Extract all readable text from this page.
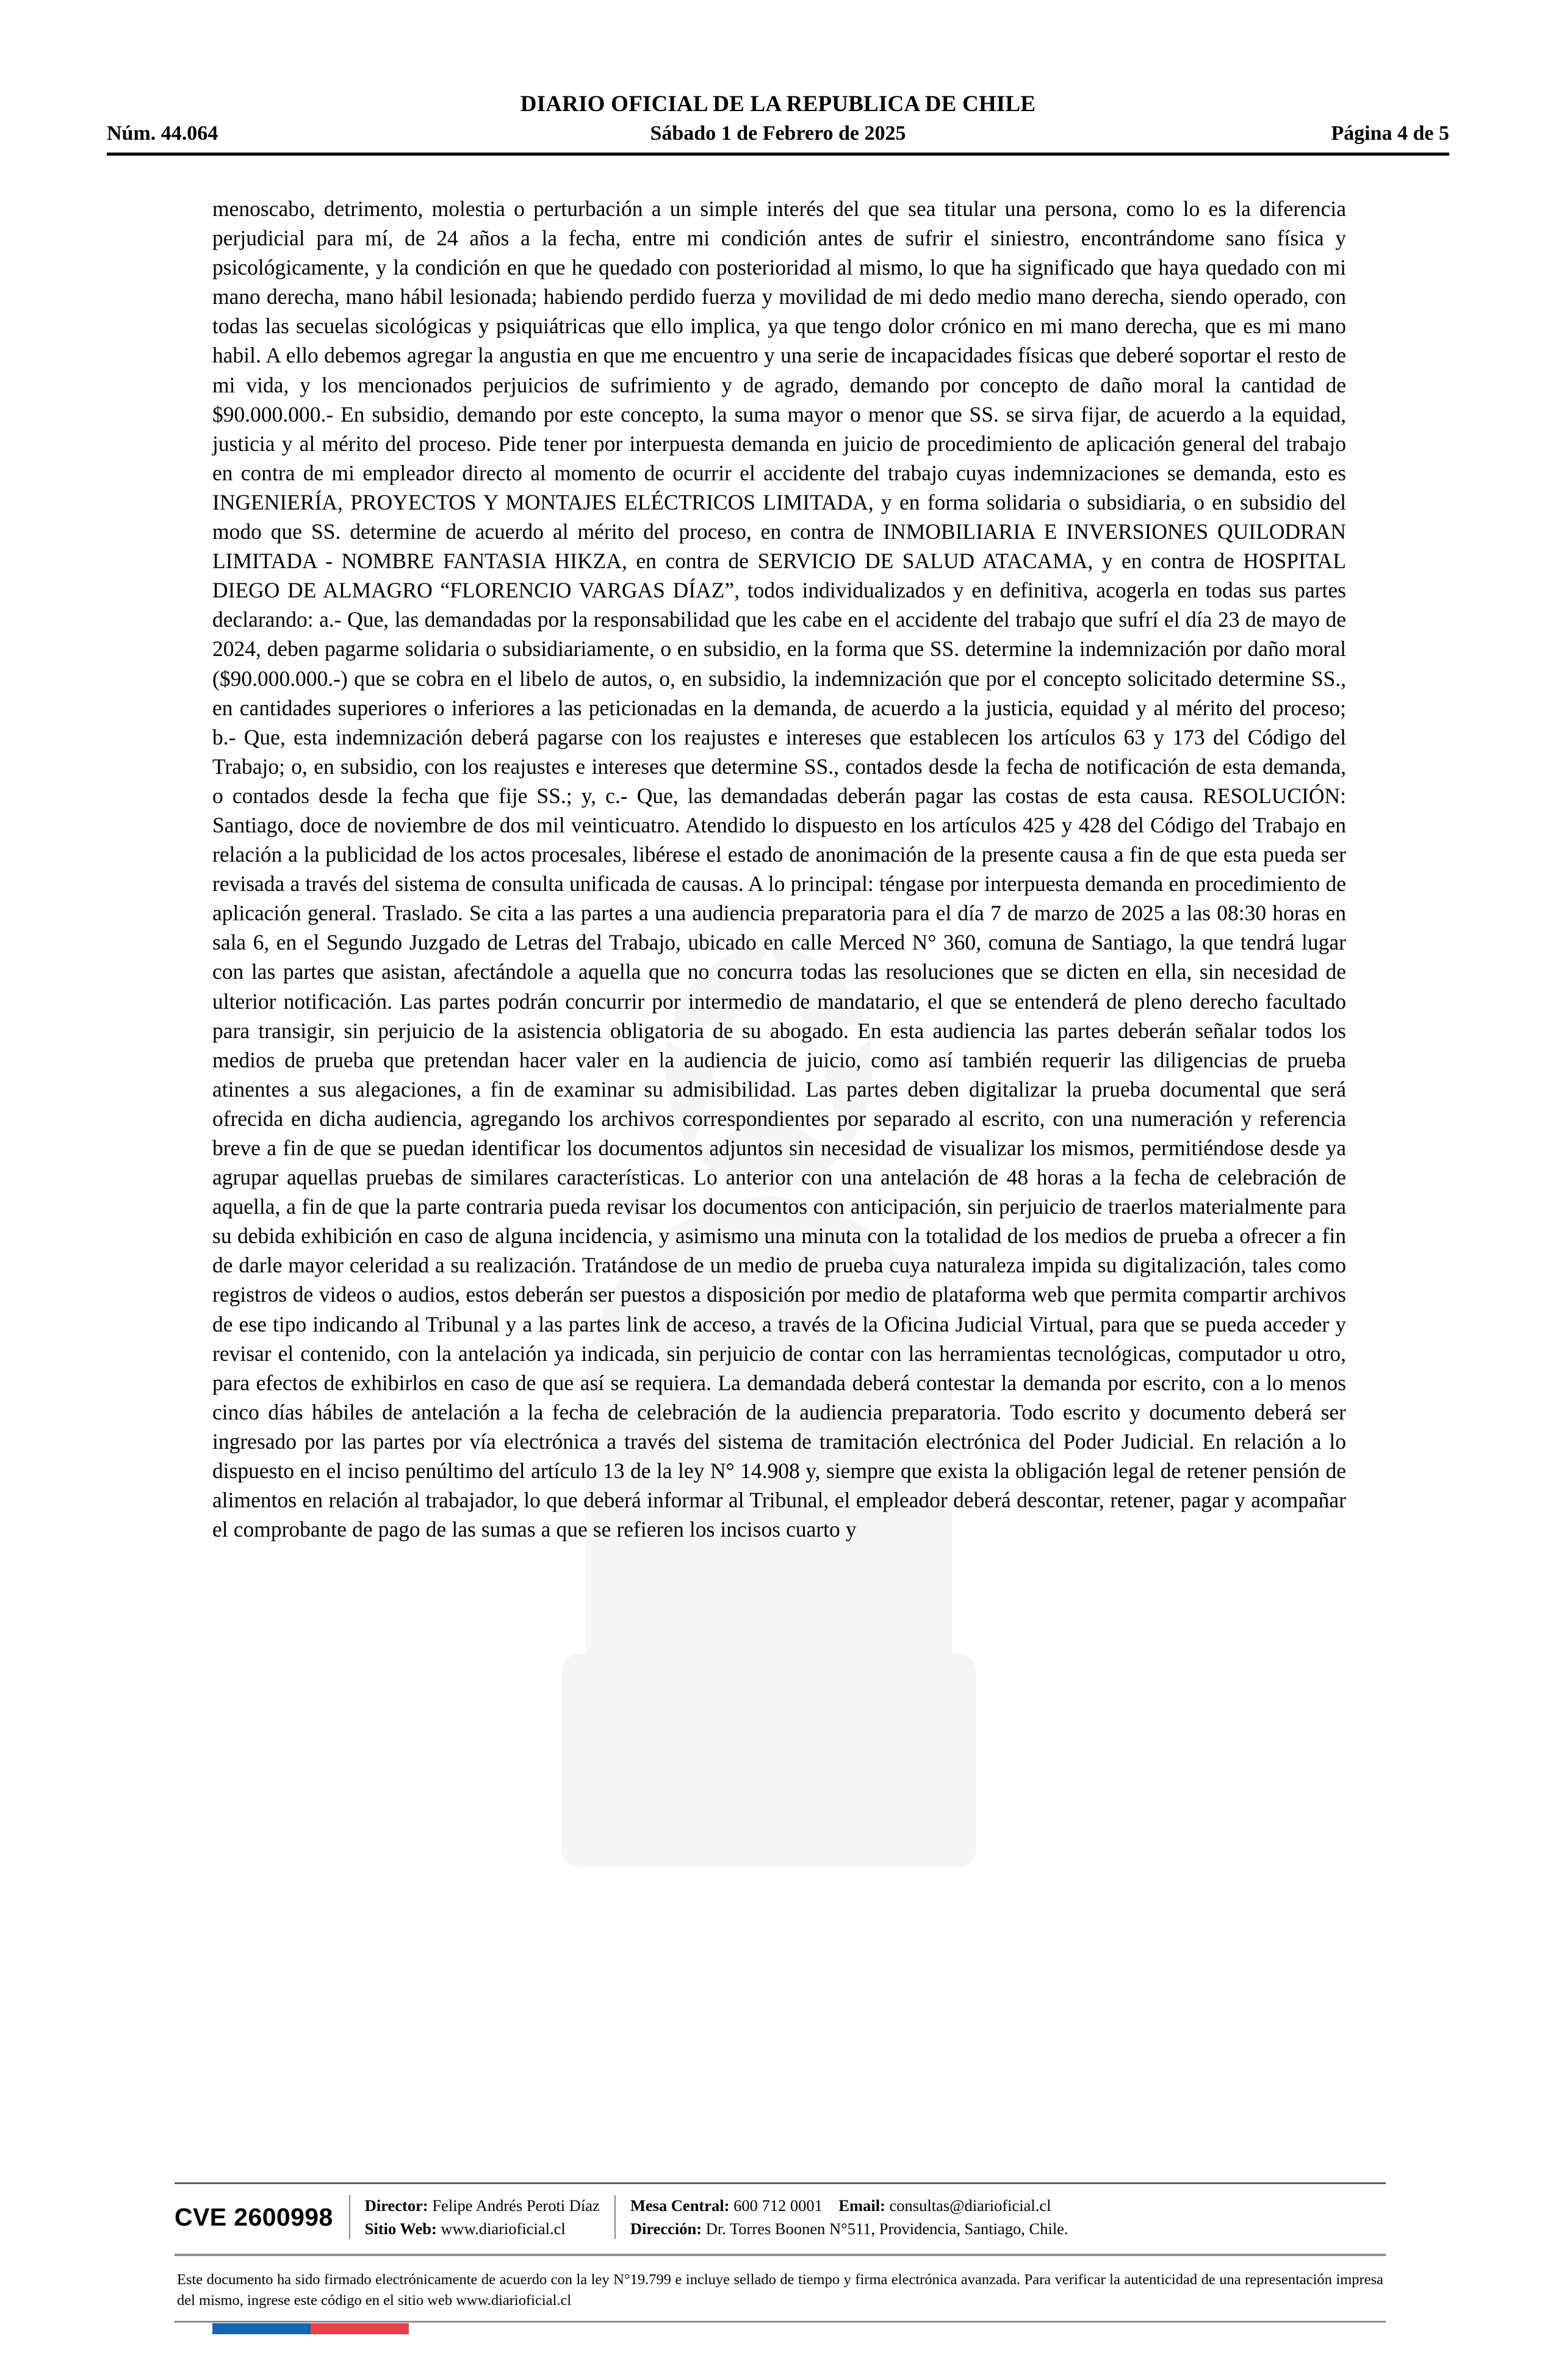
DIARIO OFICIAL DE LA REPUBLICA DE CHILE
Núm. 44.064	Sábado 1 de Febrero de 2025	Página 4 de 5

menoscabo, detrimento, molestia o perturbación a un simple interés del que sea titular una persona, como lo es la diferencia perjudicial para mí, de 24 años a la fecha, entre mi condición antes de sufrir el siniestro, encontrándome sano física y psicológicamente, y la condición en que he quedado con posterioridad al mismo, lo que ha significado que haya quedado con mi mano derecha, mano hábil lesionada; habiendo perdido fuerza y movilidad de mi dedo medio mano derecha, siendo operado, con todas las secuelas sicológicas y psiquiátricas que ello implica, ya que tengo dolor crónico en mi mano derecha, que es mi mano habil. A ello debemos agregar la angustia en que me encuentro y una serie de incapacidades físicas que deberé soportar el resto de mi vida, y los mencionados perjuicios de sufrimiento y de agrado, demando por concepto de daño moral la cantidad de $90.000.000.- En subsidio, demando por este concepto, la suma mayor o menor que SS. se sirva fijar, de acuerdo a la equidad, justicia y al mérito del proceso. Pide tener por interpuesta demanda en juicio de procedimiento de aplicación general del trabajo en contra de mi empleador directo al momento de ocurrir el accidente del trabajo cuyas indemnizaciones se demanda, esto es INGENIERÍA, PROYECTOS Y MONTAJES ELÉCTRICOS LIMITADA, y en forma solidaria o subsidiaria, o en subsidio del modo que SS. determine de acuerdo al mérito del proceso, en contra de INMOBILIARIA E INVERSIONES QUILODRAN LIMITADA - NOMBRE FANTASIA HIKZA, en contra de SERVICIO DE SALUD ATACAMA, y en contra de HOSPITAL DIEGO DE ALMAGRO “FLORENCIO VARGAS DÍAZ”, todos individualizados y en definitiva, acogerla en todas sus partes declarando: a.- Que, las demandadas por la responsabilidad que les cabe en el accidente del trabajo que sufrí el día 23 de mayo de 2024, deben pagarme solidaria o subsidiariamente, o en subsidio, en la forma que SS. determine la indemnización por daño moral ($90.000.000.-) que se cobra en el libelo de autos, o, en subsidio, la indemnización que por el concepto solicitado determine SS., en cantidades superiores o inferiores a las peticionadas en la demanda, de acuerdo a la justicia, equidad y al mérito del proceso; b.- Que, esta indemnización deberá pagarse con los reajustes e intereses que establecen los artículos 63 y 173 del Código del Trabajo; o, en subsidio, con los reajustes e intereses que determine SS., contados desde la fecha de notificación de esta demanda, o contados desde la fecha que fije SS.; y, c.- Que, las demandadas deberán pagar las costas de esta causa. RESOLUCIÓN: Santiago, doce de noviembre de dos mil veinticuatro. Atendido lo dispuesto en los artículos 425 y 428 del Código del Trabajo en relación a la publicidad de los actos procesales, libérese el estado de anonimación de la presente causa a fin de que esta pueda ser revisada a través del sistema de consulta unificada de causas. A lo principal: téngase por interpuesta demanda en procedimiento de aplicación general. Traslado. Se cita a las partes a una audiencia preparatoria para el día 7 de marzo de 2025 a las 08:30 horas en sala 6, en el Segundo Juzgado de Letras del Trabajo, ubicado en calle Merced N° 360, comuna de Santiago, la que tendrá lugar con las partes que asistan, afectándole a aquella que no concurra todas las resoluciones que se dicten en ella, sin necesidad de ulterior notificación. Las partes podrán concurrir por intermedio de mandatario, el que se entenderá de pleno derecho facultado para transigir, sin perjuicio de la asistencia obligatoria de su abogado. En esta audiencia las partes deberán señalar todos los medios de prueba que pretendan hacer valer en la audiencia de juicio, como así también requerir las diligencias de prueba atinentes a sus alegaciones, a fin de examinar su admisibilidad. Las partes deben digitalizar la prueba documental que será ofrecida en dicha audiencia, agregando los archivos correspondientes por separado al escrito, con una numeración y referencia breve a fin de que se puedan identificar los documentos adjuntos sin necesidad de visualizar los mismos, permitiéndose desde ya agrupar aquellas pruebas de similares características. Lo anterior con una antelación de 48 horas a la fecha de celebración de aquella, a fin de que la parte contraria pueda revisar los documentos con anticipación, sin perjuicio de traerlos materialmente para su debida exhibición en caso de alguna incidencia, y asimismo una minuta con la totalidad de los medios de prueba a ofrecer a fin de darle mayor celeridad a su realización. Tratándose de un medio de prueba cuya naturaleza impida su digitalización, tales como registros de videos o audios, estos deberán ser puestos a disposición por medio de plataforma web que permita compartir archivos de ese tipo indicando al Tribunal y a las partes link de acceso, a través de la Oficina Judicial Virtual, para que se pueda acceder y revisar el contenido, con la antelación ya indicada, sin perjuicio de contar con las herramientas tecnológicas, computador u otro, para efectos de exhibirlos en caso de que así se requiera. La demandada deberá contestar la demanda por escrito, con a lo menos cinco días hábiles de antelación a la fecha de celebración de la audiencia preparatoria. Todo escrito y documento deberá ser ingresado por las partes por vía electrónica a través del sistema de tramitación electrónica del Poder Judicial. En relación a lo dispuesto en el inciso penúltimo del artículo 13 de la ley N° 14.908 y, siempre que exista la obligación legal de retener pensión de alimentos en relación al trabajador, lo que deberá informar al Tribunal, el empleador deberá descontar, retener, pagar y acompañar el comprobante de pago de las sumas a que se refieren los incisos cuarto y

CVE 2600998	Director: Felipe Andrés Peroti Díaz
Sitio Web: www.diarioficial.cl
Mesa Central: 600 712 0001 Email: consultas@diarioficial.cl
Dirección: Dr. Torres Boonen N°511, Providencia, Santiago, Chile.

Este documento ha sido firmado electrónicamente de acuerdo con la ley N°19.799 e incluye sellado de tiempo y firma electrónica avanzada. Para verificar la autenticidad de una representación impresa del mismo, ingrese este código en el sitio web www.diarioficial.cl
